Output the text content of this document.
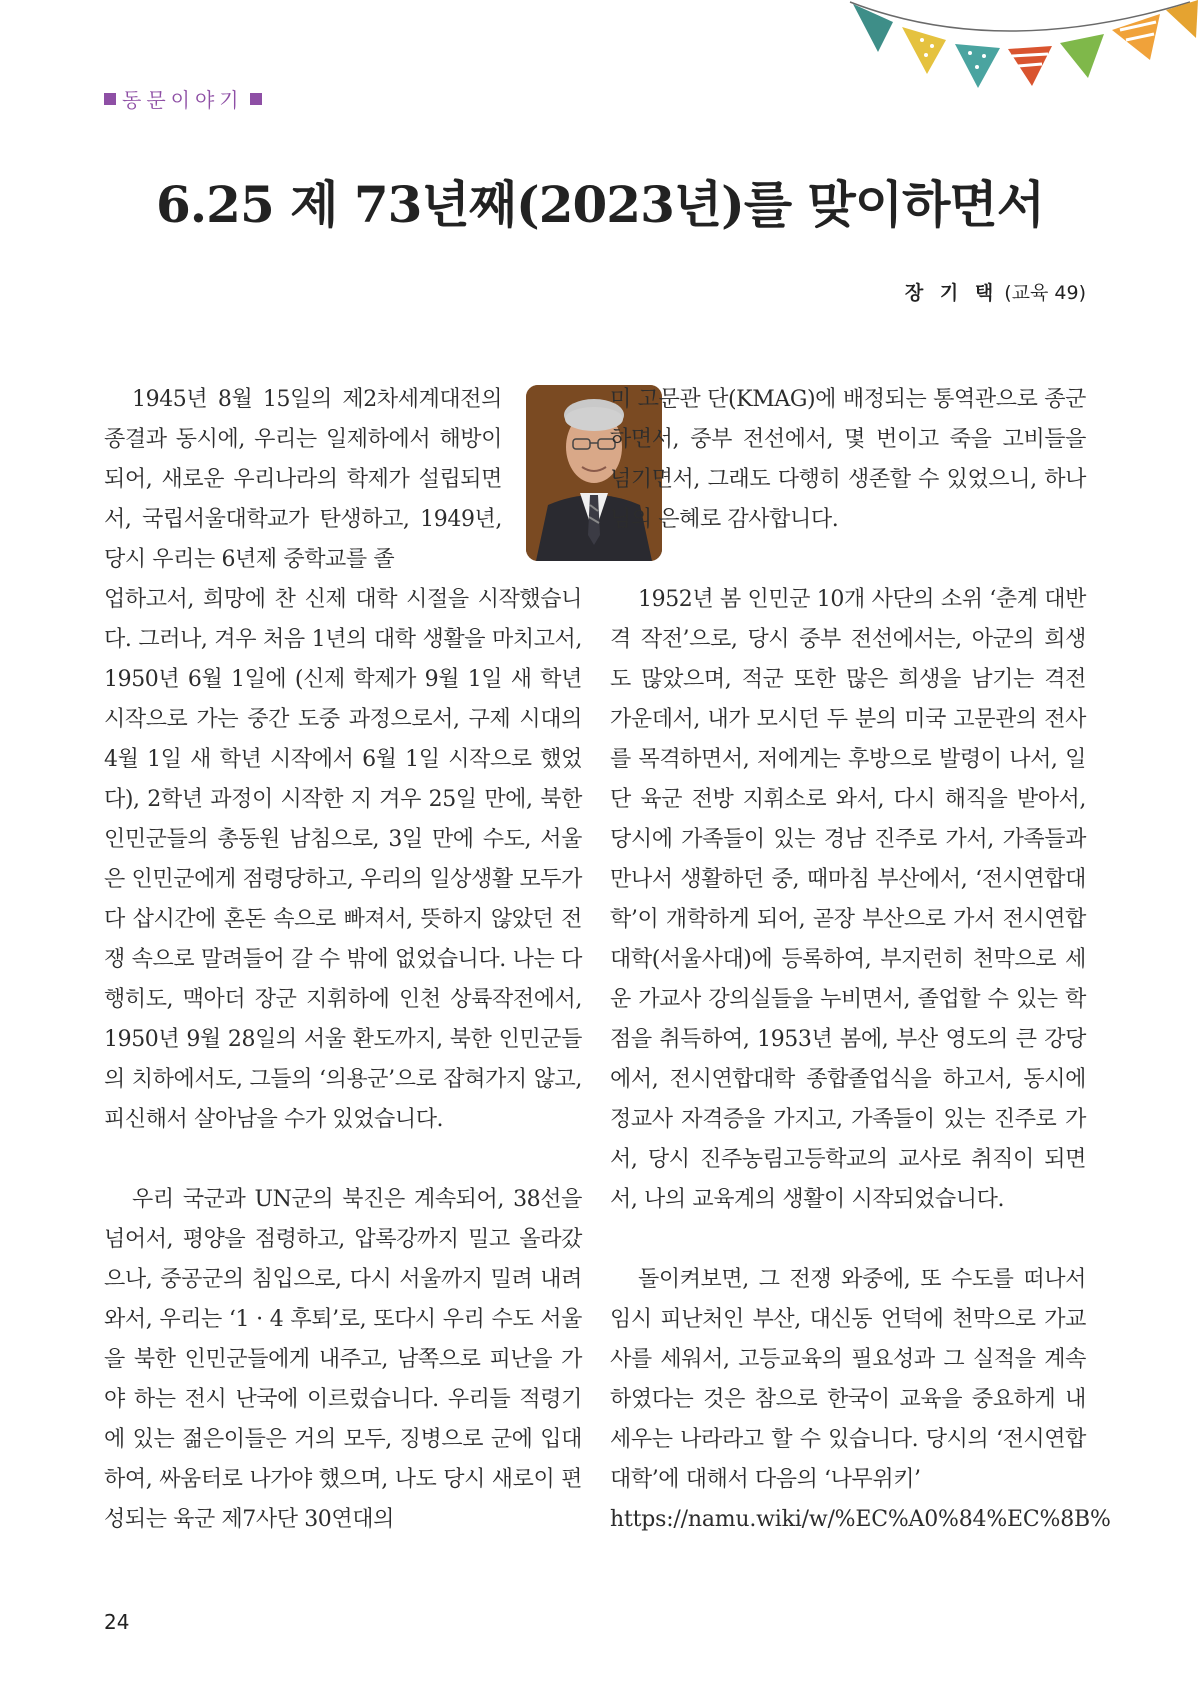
동문이야기
6.25 제 73년째(2023년)를 맞이하면서
장 기 택 (교육 49)

1945년 8월 15일의 제2차세계대전의 종결과 동시에, 우리는 일제하에서 해방이 되어, 새로운 우리나라의 학제가 설립되면서, 국립서울대학교가 탄생하고, 1949년, 당시 우리는 6년제 중학교를 졸

업하고서, 희망에 찬 신제 대학 시절을 시작했습니다. 그러나, 겨우 처음 1년의 대학 생활을 마치고서, 1950년 6월 1일에 (신제 학제가 9월 1일 새 학년 시작으로 가는 중간 도중 과정으로서, 구제 시대의 4월 1일 새 학년 시작에서 6월 1일 시작으로 했었다), 2학년 과정이 시작한 지 겨우 25일 만에, 북한 인민군들의 총동원 남침으로, 3일 만에 수도, 서울은 인민군에게 점령당하고, 우리의 일상생활 모두가 다 삽시간에 혼돈 속으로 빠져서, 뜻하지 않았던 전쟁 속으로 말려들어 갈 수 밖에 없었습니다. 나는 다행히도, 맥아더 장군 지휘하에 인천 상륙작전에서, 1950년 9월 28일의 서울 환도까지, 북한 인민군들의 치하에서도, 그들의 ‘의용군’으로 잡혀가지 않고, 피신해서 살아남을 수가 있었습니다.

우리 국군과 UN군의 북진은 계속되어, 38선을 넘어서, 평양을 점령하고, 압록강까지 밀고 올라갔으나, 중공군의 침입으로, 다시 서울까지 밀려 내려와서, 우리는 ‘1 · 4 후퇴’로, 또다시 우리 수도 서울을 북한 인민군들에게 내주고, 남쪽으로 피난을 가야 하는 전시 난국에 이르렀습니다. 우리들 적령기에 있는 젊은이들은 거의 모두, 징병으로 군에 입대하여, 싸움터로 나가야 했으며, 나도 당시 새로이 편성되는 육군 제7사단 30연대의

미 고문관 단(KMAG)에 배정되는 통역관으로 종군하면서, 중부 전선에서, 몇 번이고 죽을 고비들을 넘기면서, 그래도 다행히 생존할 수 있었으니, 하나님의 은혜로 감사합니다.

1952년 봄 인민군 10개 사단의 소위 ‘춘계 대반격 작전’으로, 당시 중부 전선에서는, 아군의 희생도 많았으며, 적군 또한 많은 희생을 남기는 격전 가운데서, 내가 모시던 두 분의 미국 고문관의 전사를 목격하면서, 저에게는 후방으로 발령이 나서, 일단 육군 전방 지휘소로 와서, 다시 해직을 받아서, 당시에 가족들이 있는 경남 진주로 가서, 가족들과 만나서 생활하던 중, 때마침 부산에서, ‘전시연합대학’이 개학하게 되어, 곧장 부산으로 가서 전시연합대학(서울사대)에 등록하여, 부지런히 천막으로 세운 가교사 강의실들을 누비면서, 졸업할 수 있는 학점을 취득하여, 1953년 봄에, 부산 영도의 큰 강당에서, 전시연합대학 종합졸업식을 하고서, 동시에 정교사 자격증을 가지고, 가족들이 있는 진주로 가서, 당시 진주농림고등학교의 교사로 취직이 되면서, 나의 교육계의 생활이 시작되었습니다.

돌이켜보면, 그 전쟁 와중에, 또 수도를 떠나서 임시 피난처인 부산, 대신동 언덕에 천막으로 가교사를 세워서, 고등교육의 필요성과 그 실적을 계속하였다는 것은 참으로 한국이 교육을 중요하게 내세우는 나라라고 할 수 있습니다. 당시의 ‘전시연합대학’에 대해서 다음의 ‘나무위키’
https://namu.wiki/w/%EC%A0%84%EC%8B%

24
